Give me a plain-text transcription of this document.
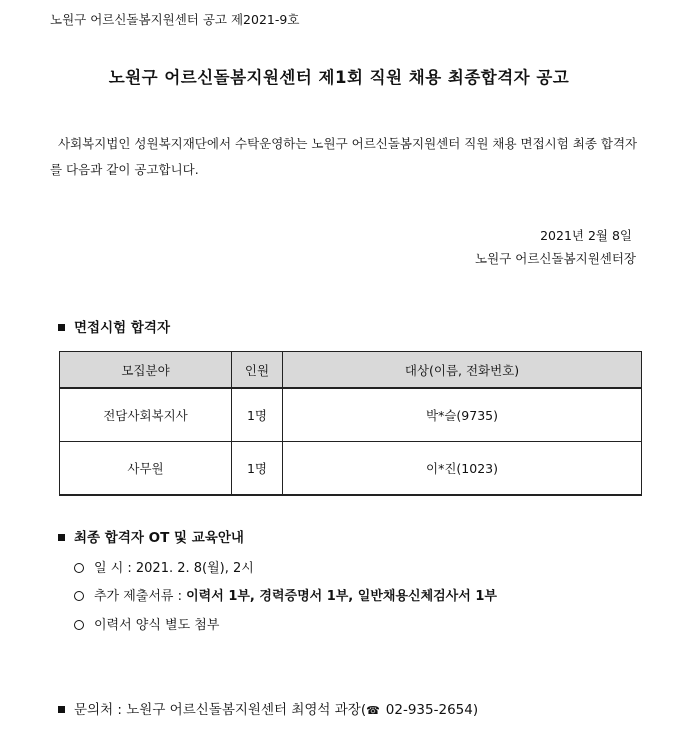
노원구 어르신돌봄지원센터 공고 제2021-9호
노원구 어르신돌봄지원센터 제1회 직원 채용 최종합격자 공고
사회복지법인 성원복지재단에서 수탁운영하는 노원구 어르신돌봄지원센터 직원 채용 면접시험 최종 합격자를 다음과 같이 공고합니다.
2021년 2월 8일
노원구 어르신돌봄지원센터장
면접시험 합격자
모집분야	인원	대상(이름, 전화번호)
전담사회복지사	1명	박*슬(9735)
사무원	1명	이*진(1023)
최종 합격자 OT 및 교육안내
일 시 : 2021. 2. 8(월), 2시
추가 제출서류 : 이력서 1부, 경력증명서 1부, 일반채용신체검사서 1부
이력서 양식 별도 첨부
문의처 : 노원구 어르신돌봄지원센터 최영석 과장(☎ 02-935-2654)
